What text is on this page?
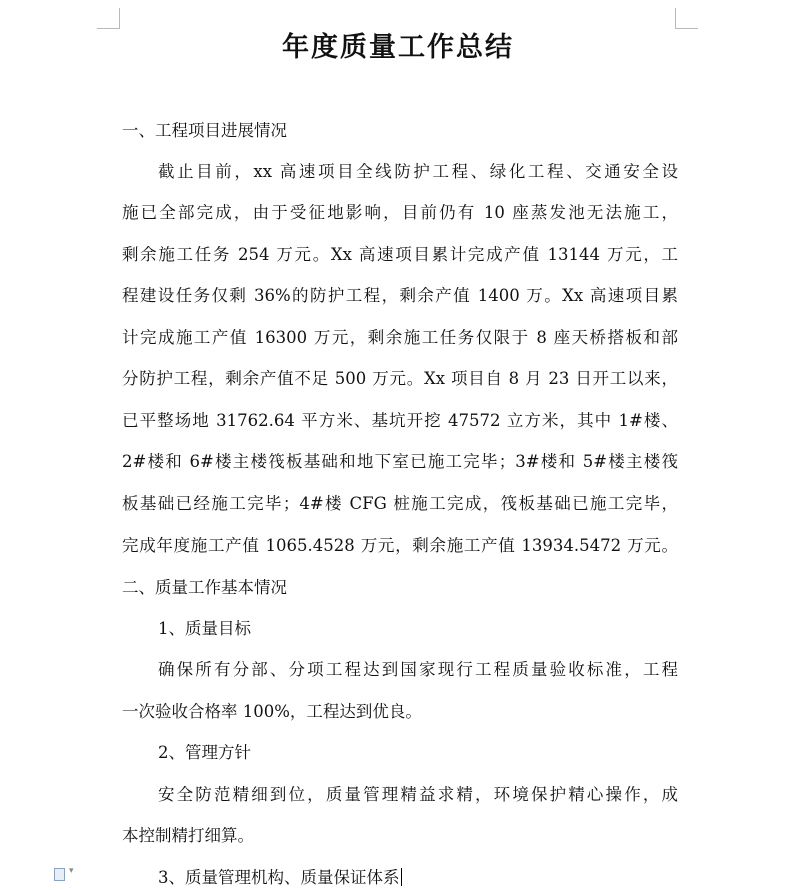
年度质量工作总结

一、工程项目进展情况

截止目前，xx 高速项目全线防护工程、绿化工程、交通安全设

施已全部完成，由于受征地影响，目前仍有 10 座蒸发池无法施工，

剩余施工任务 254 万元。Xx 高速项目累计完成产值 13144 万元，工

程建设任务仅剩 36%的防护工程，剩余产值 1400 万。Xx 高速项目累

计完成施工产值 16300 万元，剩余施工任务仅限于 8 座天桥搭板和部

分防护工程，剩余产值不足 500 万元。Xx 项目自 8 月 23 日开工以来，

已平整场地 31762.64 平方米、基坑开挖 47572 立方米，其中 1#楼、

2#楼和 6#楼主楼筏板基础和地下室已施工完毕；3#楼和 5#楼主楼筏

板基础已经施工完毕；4#楼 CFG 桩施工完成，筏板基础已施工完毕，

完成年度施工产值 1065.4528 万元，剩余施工产值 13934.5472 万元。

二、质量工作基本情况

1、质量目标

确保所有分部、分项工程达到国家现行工程质量验收标准，工程

一次验收合格率 100%，工程达到优良。

2、管理方针

安全防范精细到位，质量管理精益求精，环境保护精心操作，成

本控制精打细算。

3、质量管理机构、质量保证体系

▾
